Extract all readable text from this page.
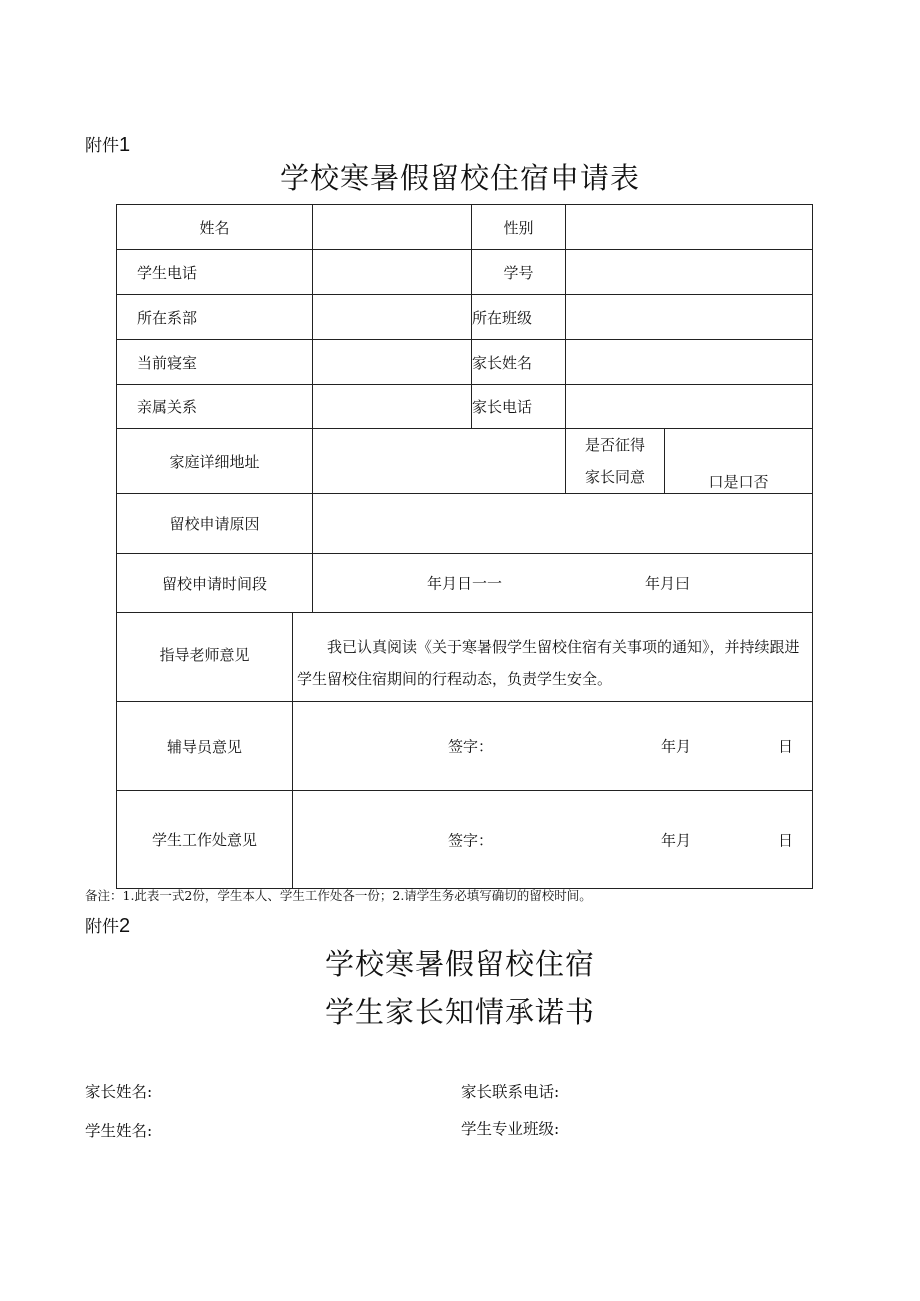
附件1
学校寒暑假留校住宿申请表
姓名			性别		
学生电话			学号		
所在系部			所在班级		
当前寝室			家长姓名		
亲属关系			家长电话		
家庭详细地址				是否征得
家长同意	口是口否
留校申请原因					
留校申请时间段		年月日一一 年月曰			

指导老师意见	我已认真阅读《关于寒暑假学生留校住宿有关事项的通知》，并持续跟进学生留校住宿期间的行程动态，负责学生安全。				
辅导员意见	签字： 年月 日				

学生工作处意见	签字： 年月 日				
备注：1.此表一式2份，学生本人、学生工作处各一份；2.请学生务必填写确切的留校时间。
附件2
学校寒暑假留校住宿
学生家长知情承诺书
家长姓名:	家长联系电话:
学生姓名:	学生专业班级:
